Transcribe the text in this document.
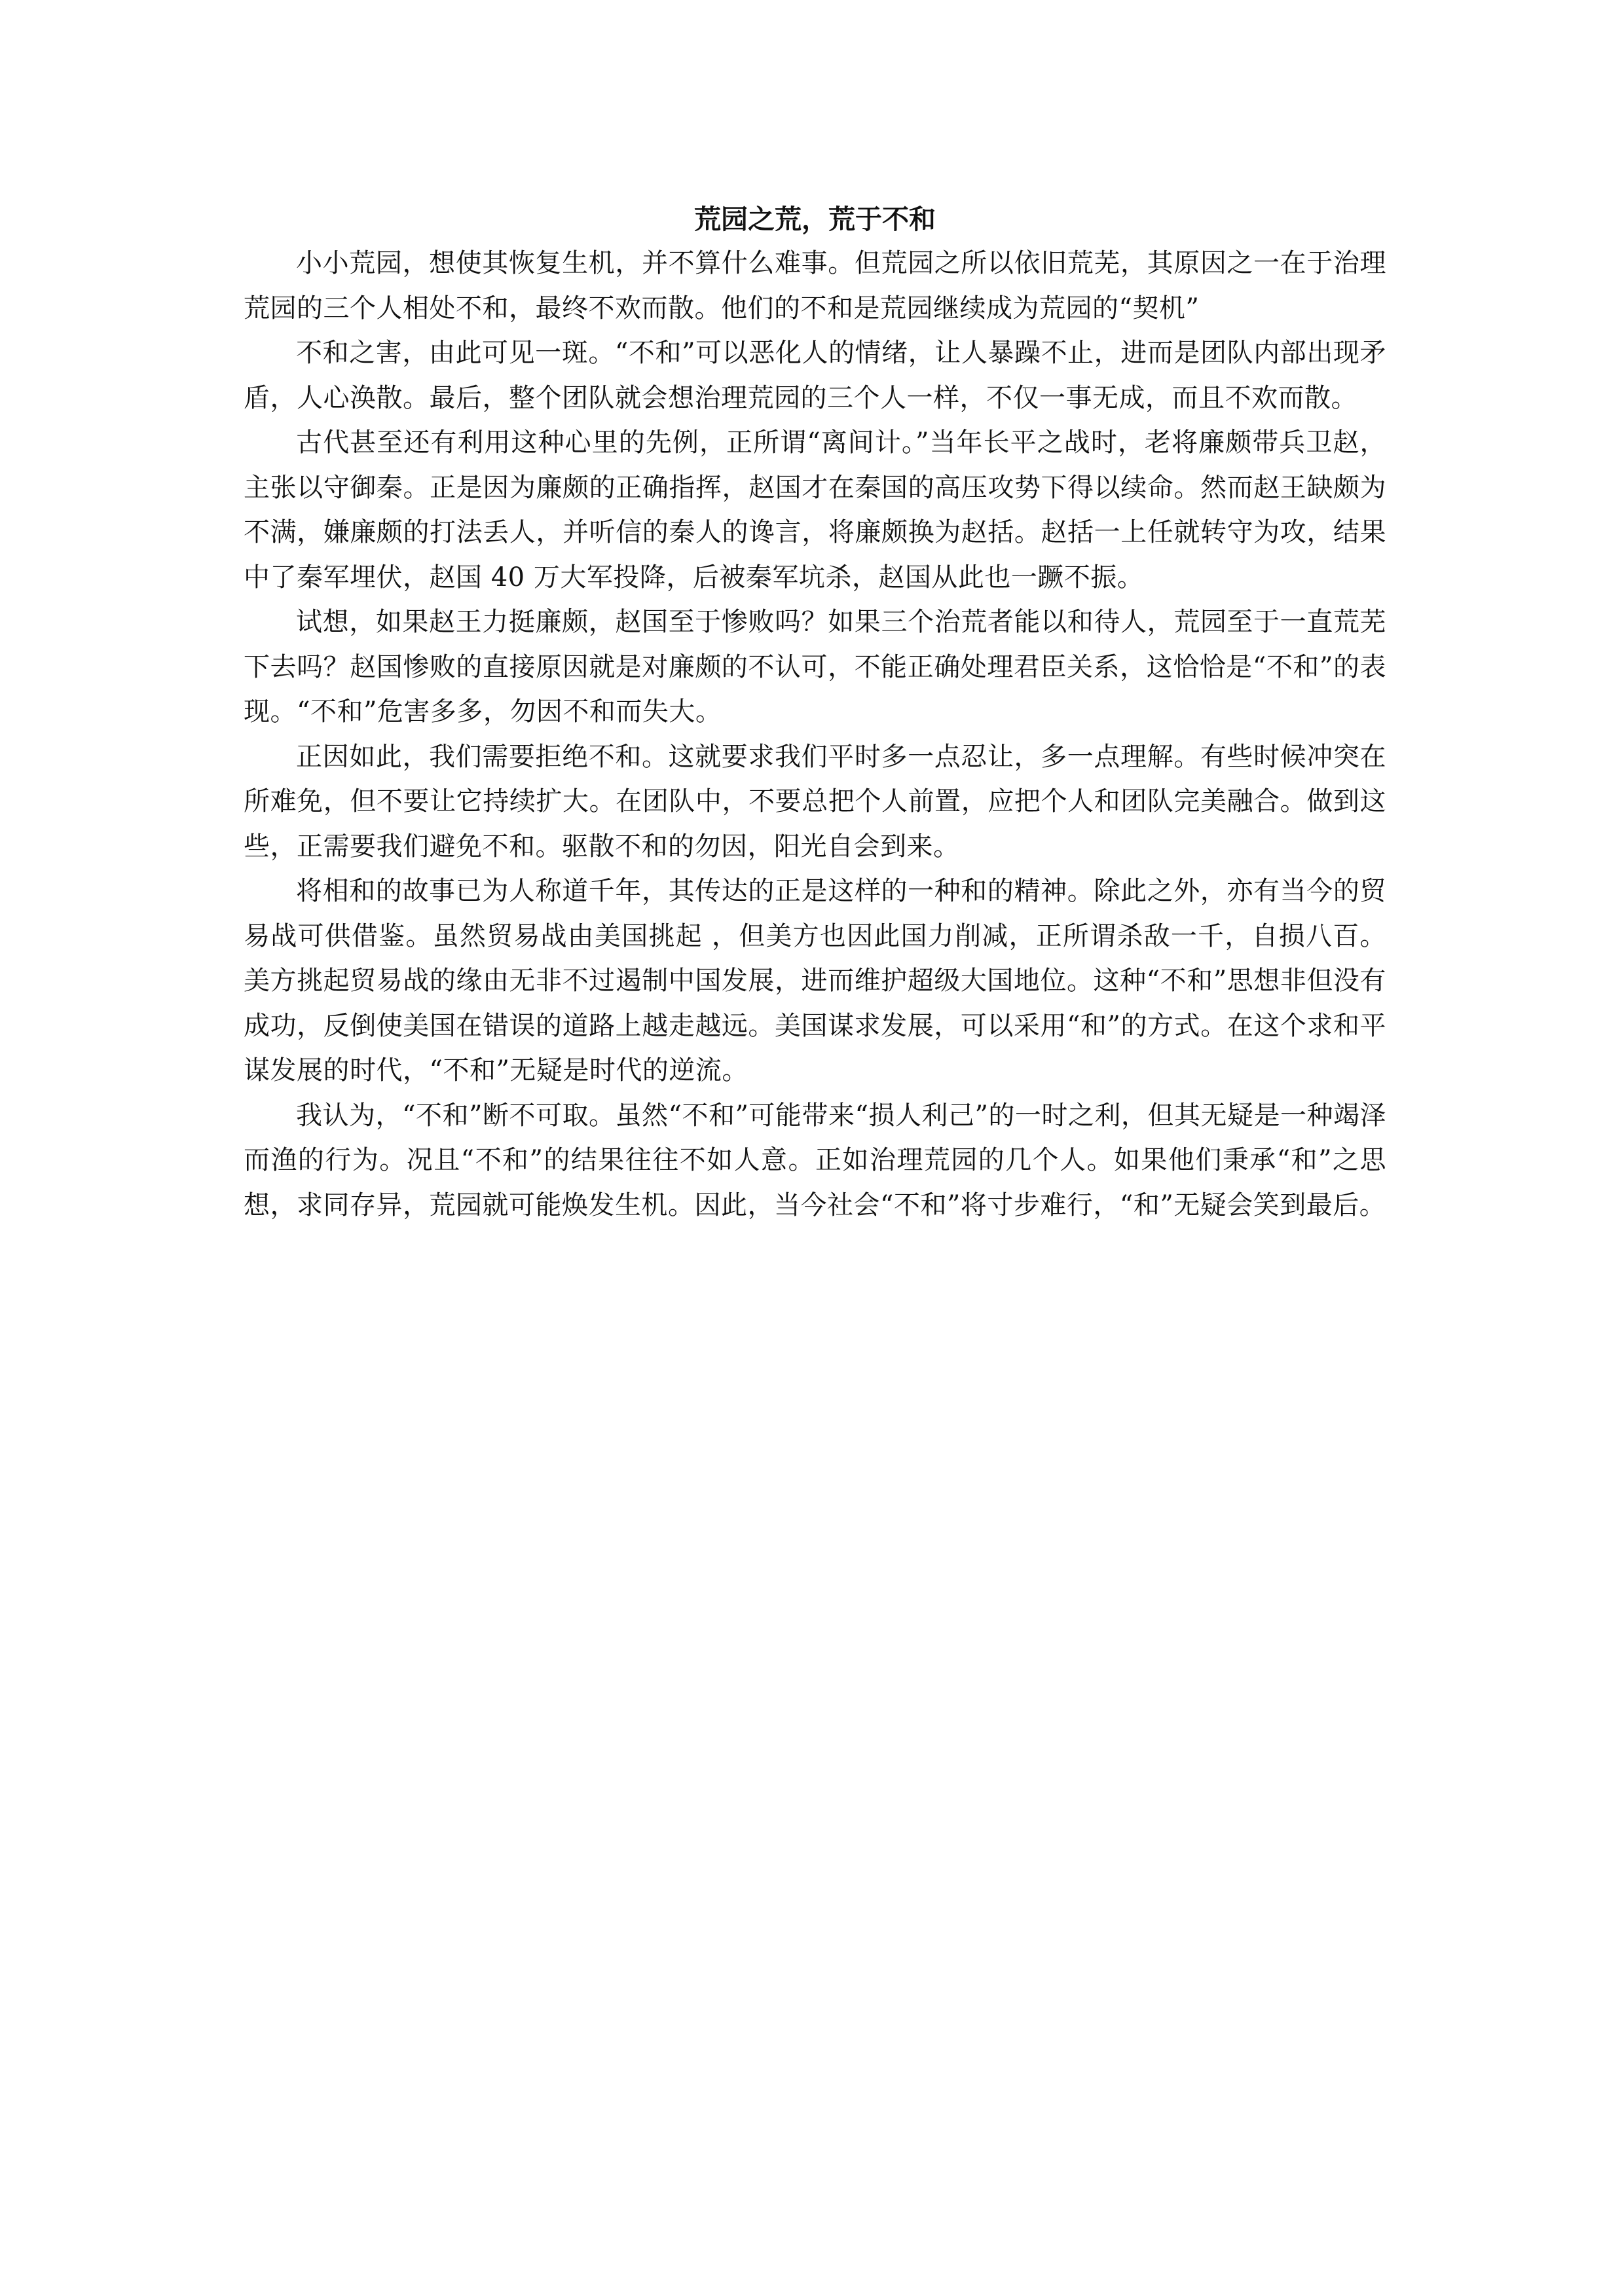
荒园之荒，荒于不和

小小荒园，想使其恢复生机，并不算什么难事。但荒园之所以依旧荒芜，其原因之一在于治理荒园的三个人相处不和，最终不欢而散。他们的不和是荒园继续成为荒园的“契机”

不和之害，由此可见一斑。“不和”可以恶化人的情绪，让人暴躁不止，进而是团队内部出现矛盾，人心涣散。最后，整个团队就会想治理荒园的三个人一样，不仅一事无成，而且不欢而散。

古代甚至还有利用这种心里的先例，正所谓“离间计。”当年长平之战时，老将廉颇带兵卫赵，主张以守御秦。正是因为廉颇的正确指挥，赵国才在秦国的高压攻势下得以续命。然而赵王缺颇为不满，嫌廉颇的打法丢人，并听信的秦人的谗言，将廉颇换为赵括。赵括一上任就转守为攻，结果中了秦军埋伏，赵国 40 万大军投降，后被秦军坑杀，赵国从此也一蹶不振。

试想，如果赵王力挺廉颇，赵国至于惨败吗？如果三个治荒者能以和待人，荒园至于一直荒芜下去吗？赵国惨败的直接原因就是对廉颇的不认可，不能正确处理君臣关系，这恰恰是“不和”的表现。“不和”危害多多，勿因不和而失大。

正因如此，我们需要拒绝不和。这就要求我们平时多一点忍让，多一点理解。有些时候冲突在所难免，但不要让它持续扩大。在团队中，不要总把个人前置，应把个人和团队完美融合。做到这些，正需要我们避免不和。驱散不和的勿因，阳光自会到来。

将相和的故事已为人称道千年，其传达的正是这样的一种和的精神。除此之外，亦有当今的贸易战可供借鉴。虽然贸易战由美国挑起 ，但美方也因此国力削减，正所谓杀敌一千，自损八百。美方挑起贸易战的缘由无非不过遏制中国发展，进而维护超级大国地位。这种“不和”思想非但没有成功，反倒使美国在错误的道路上越走越远。美国谋求发展，可以采用“和”的方式。在这个求和平谋发展的时代，“不和”无疑是时代的逆流。

我认为，“不和”断不可取。虽然“不和”可能带来“损人利己”的一时之利，但其无疑是一种竭泽而渔的行为。况且“不和”的结果往往不如人意。正如治理荒园的几个人。如果他们秉承“和”之思想，求同存异，荒园就可能焕发生机。因此，当今社会“不和”将寸步难行，“和”无疑会笑到最后。
